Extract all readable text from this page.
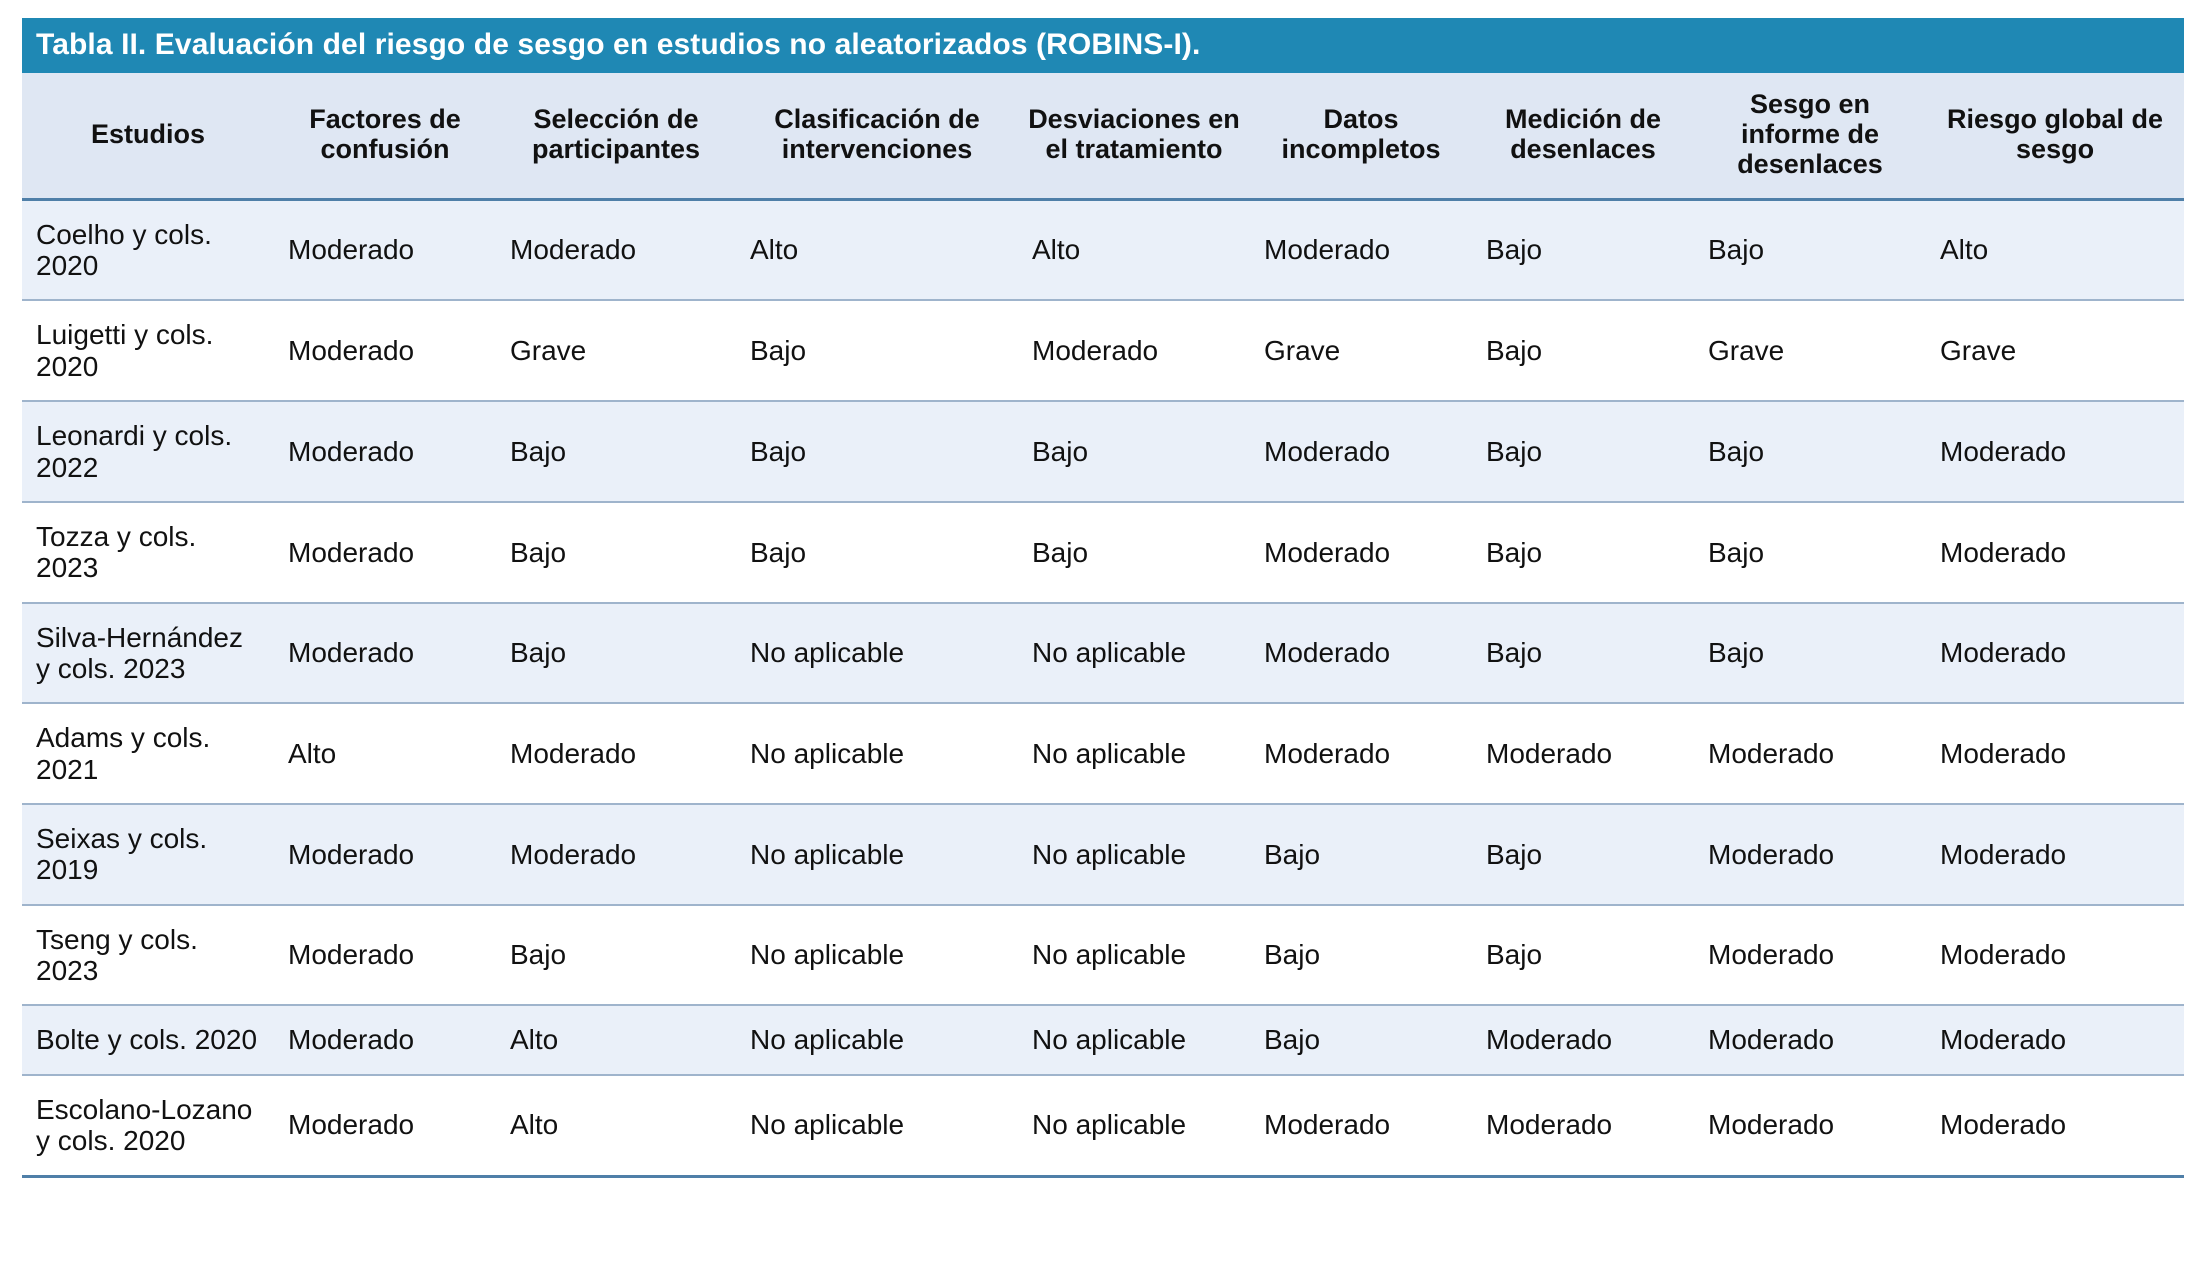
Tabla II. Evaluación del riesgo de sesgo en estudios no aleatorizados (ROBINS-I).								
Estudios	Factores de confusión	Selección de participantes	Clasificación de intervenciones	Desviaciones en el tratamiento	Datos incompletos	Medición de desenlaces	Sesgo en informe de desenlaces	Riesgo global de sesgo
Coelho y cols. 2020	Moderado	Moderado	Alto	Alto	Moderado	Bajo	Bajo	Alto
Luigetti y cols. 2020	Moderado	Grave	Bajo	Moderado	Grave	Bajo	Grave	Grave
Leonardi y cols. 2022	Moderado	Bajo	Bajo	Bajo	Moderado	Bajo	Bajo	Moderado
Tozza y cols. 2023	Moderado	Bajo	Bajo	Bajo	Moderado	Bajo	Bajo	Moderado
Silva-Hernández y cols. 2023	Moderado	Bajo	No aplicable	No aplicable	Moderado	Bajo	Bajo	Moderado
Adams y cols. 2021	Alto	Moderado	No aplicable	No aplicable	Moderado	Moderado	Moderado	Moderado
Seixas y cols. 2019	Moderado	Moderado	No aplicable	No aplicable	Bajo	Bajo	Moderado	Moderado
Tseng y cols. 2023	Moderado	Bajo	No aplicable	No aplicable	Bajo	Bajo	Moderado	Moderado
Bolte y cols. 2020	Moderado	Alto	No aplicable	No aplicable	Bajo	Moderado	Moderado	Moderado
Escolano-Lozano y cols. 2020	Moderado	Alto	No aplicable	No aplicable	Moderado	Moderado	Moderado	Moderado
